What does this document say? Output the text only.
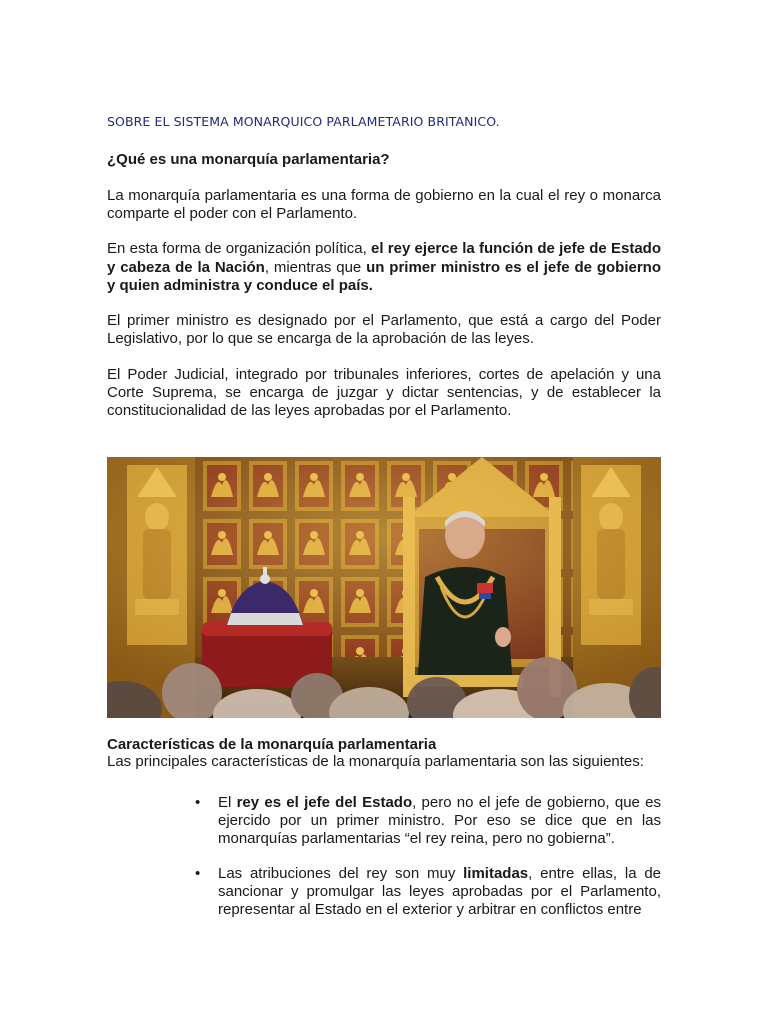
SOBRE EL SISTEMA MONARQUICO PARLAMETARIO BRITANICO.

¿Qué es una monarquía parlamentaria?

La monarquía parlamentaria es una forma de gobierno en la cual el rey o monarca comparte el poder con el Parlamento.

En esta forma de organización política, el rey ejerce la función de jefe de Estado y cabeza de la Nación, mientras que un primer ministro es el jefe de gobierno y quien administra y conduce el país.

El primer ministro es designado por el Parlamento, que está a cargo del Poder Legislativo, por lo que se encarga de la aprobación de las leyes.

El Poder Judicial, integrado por tribunales inferiores, cortes de apelación y una Corte Suprema, se encarga de juzgar y dictar sentencias, y de establecer la constitucionalidad de las leyes aprobadas por el Parlamento.

Características de la monarquía parlamentaria

Las principales características de la monarquía parlamentaria son las siguientes:

• El rey es el jefe del Estado, pero no el jefe de gobierno, que es ejercido por un primer ministro. Por eso se dice que en las monarquías parlamentarias “el rey reina, pero no gobierna”.
• Las atribuciones del rey son muy limitadas, entre ellas, la de sancionar y promulgar las leyes aprobadas por el Parlamento, representar al Estado en el exterior y arbitrar en conflictos entre
